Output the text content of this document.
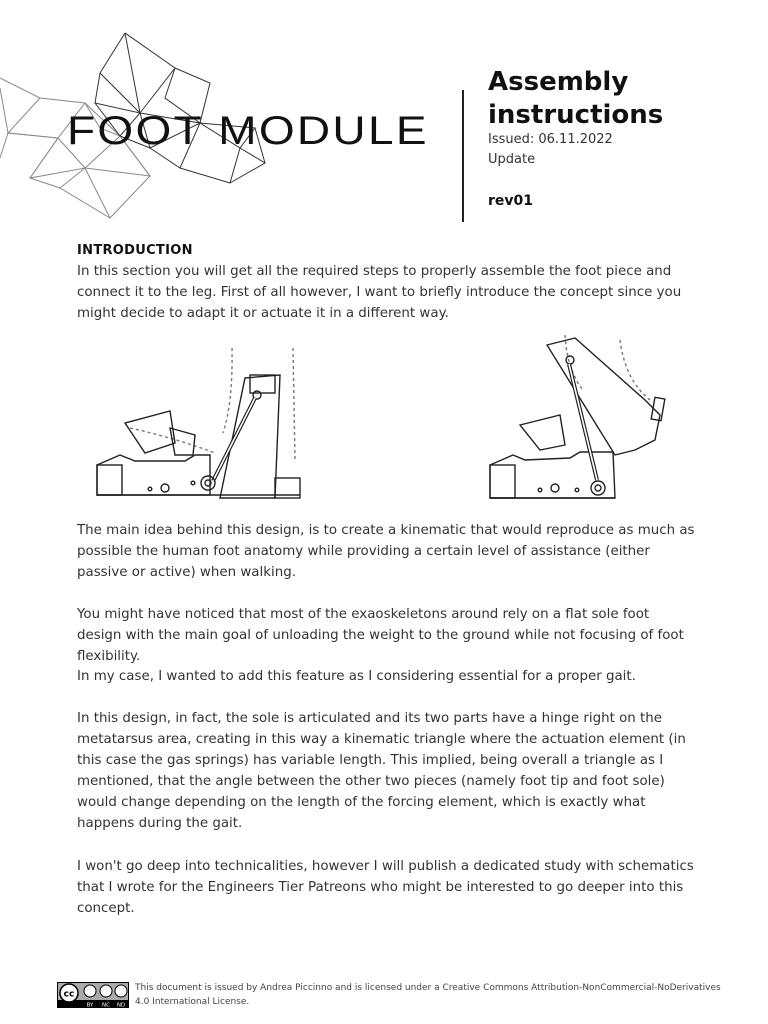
FOOT MODULE
Assembly instructions
Issued: 06.11.2022
Update
rev01
INTRODUCTION

In this section you will get all the required steps to properly assemble the foot piece and connect it to the leg. First of all however, I want to briefly introduce the concept since you might decide to adapt it or actuate it in a different way.

The main idea behind this design, is to create a kinematic that would reproduce as much as possible the human foot anatomy while providing a certain level of assistance (either passive or active) when walking.

You might have noticed that most of the exaoskeletons around rely on a flat sole foot design with the main goal of unloading the weight to the ground while not focusing of foot flexibility.

In my case, I wanted to add this feature as I considering essential for a proper gait.

In this design, in fact, the sole is articulated and its two parts have a hinge right on the metatarsus area, creating in this way a kinematic triangle where the actuation element (in this case the gas springs) has variable length. This implied, being overall a triangle as I mentioned, that the angle between the other two pieces (namely foot tip and foot sole) would change depending on the length of the forcing element, which is exactly what happens during the gait.

I won't go deep into technicalities, however I will publish a dedicated study with schematics that I wrote for the Engineers Tier Patreons who might be interested to go deeper into this concept.

cc
BY NC ND
This document is issued by Andrea Piccinno and is licensed under a Creative Commons Attribution-NonCommercial-NoDerivatives 4.0 International License.
